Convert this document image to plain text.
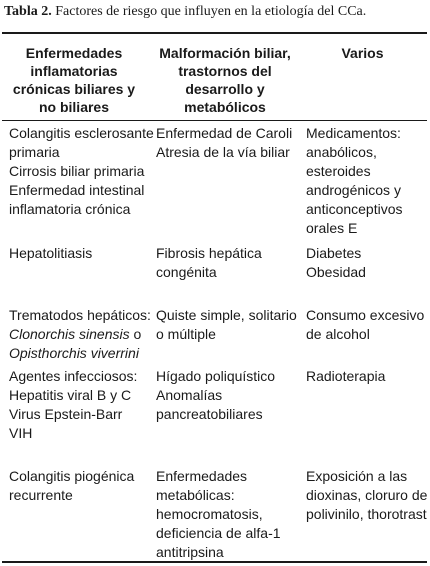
Tabla 2. Factores de riesgo que influyen en la etiología del CCa.
Enfermedades inflamatorias crónicas biliares y no biliares
Malformación biliar, trastornos del desarrollo y metabólicos
Varios
Colangitis esclerosante
primaria
Cirrosis biliar primaria
Enfermedad intestinal
inflamatoria crónica
Enfermedad de Caroli
Atresia de la vía biliar
Medicamentos:
anabólicos,
esteroides
androgénicos y
anticonceptivos
orales E
Hepatolitiasis	Fibrosis hepática
congénita
Diabetes
Obesidad
Trematodos hepáticos:
Clonorchis sinensis o
Opisthorchis viverrini
Quiste simple, solitario
o múltiple
Consumo excesivo
de alcohol
Agentes infecciosos:
Hepatitis viral B y C
Virus Epstein-Barr
VIH
Hígado poliquístico
Anomalías
pancreatobiliares
Radioterapia
Colangitis piogénica
recurrente
Enfermedades
metabólicas:
hemocromatosis,
deficiencia de alfa-1
antitripsina
Exposición a las
dioxinas, cloruro de
polivinilo, thorotrast
